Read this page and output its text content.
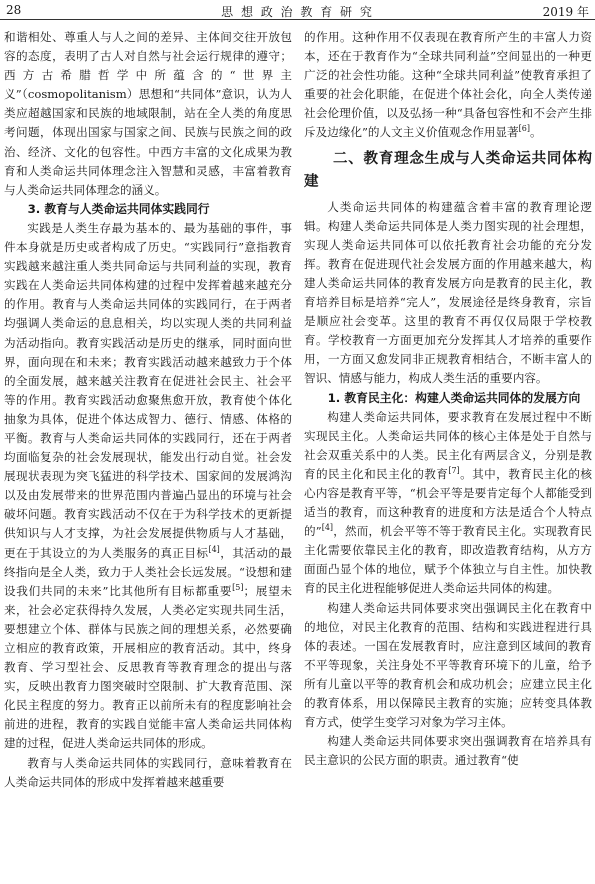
28	思 想 政 治 教 育 研 究	2019 年

和谐相处、尊重人与人之间的差异、主体间交往开放包容的态度，表明了古人对自然与社会运行规律的遵守；西方古希腊哲学中所蕴含的“世界主义”（cosmopolitanism）思想和“共同体”意识，认为人类应超越国家和民族的地域限制，站在全人类的角度思考问题，体现出国家与国家之间、民族与民族之间的政治、经济、文化的包容性。中西方丰富的文化成果为教育和人类命运共同体理念注入智慧和灵感，丰富着教育与人类命运共同体理念的涵义。

3. 教育与人类命运共同体实践同行

实践是人类生存最为基本的、最为基础的事件，事件本身就是历史或者构成了历史。“实践同行”意指教育实践越来越注重人类共同命运与共同利益的实现，教育实践在人类命运共同体构建的过程中发挥着越来越充分的作用。教育与人类命运共同体的实践同行，在于两者均强调人类命运的息息相关，均以实现人类的共同利益为活动指向。教育实践活动是历史的继承，同时面向世界，面向现在和未来；教育实践活动越来越致力于个体的全面发展，越来越关注教育在促进社会民主、社会平等的作用。教育实践活动愈聚焦愈开放，教育使个体化抽象为具体，促进个体达成智力、德行、情感、体格的平衡。教育与人类命运共同体的实践同行，还在于两者均面临复杂的社会发展现状，能发出行动自觉。社会发展现状表现为突飞猛进的科学技术、国家间的发展鸿沟以及由发展带来的世界范围内普遍凸显出的环境与社会破坏问题。教育实践活动不仅在于为科学技术的更新提供知识与人才支撑，为社会发展提供物质与人才基础，更在于其设立的为人类服务的真正目标[4]，其活动的最终指向是全人类，致力于人类社会长远发展。“设想和建设我们共同的未来”比其他所有目标都重要[5]；展望未来，社会必定获得持久发展，人类必定实现共同生活，要想建立个体、群体与民族之间的理想关系，必然要确立相应的教育政策，开展相应的教育活动。其中，终身教育、学习型社会、反思教育等教育理念的提出与落实，反映出教育力图突破时空限制、扩大教育范围、深化民主程度的努力。教育正以前所未有的程度影响社会前进的进程，教育的实践自觉能丰富人类命运共同体构建的过程，促进人类命运共同体的形成。

教育与人类命运共同体的实践同行，意味着教育在人类命运共同体的形成中发挥着越来越重要

的作用。这种作用不仅表现在教育所产生的丰富人力资本，还在于教育作为“全球共同利益”空间显出的一种更广泛的社会性功能。这种“全球共同利益”使教育承担了重要的社会化职能，在促进个体社会化，向全人类传递社会伦理价值，以及弘扬一种“具备包容性和不会产生排斥及边缘化”的人文主义价值观念作用显著[6]。

二、教育理念生成与人类命运共同体构建

人类命运共同体的构建蕴含着丰富的教育理论逻辑。构建人类命运共同体是人类力图实现的社会理想，实现人类命运共同体可以依托教育社会功能的充分发挥。教育在促进现代社会发展方面的作用越来越大，构建人类命运共同体的教育发展方向是教育的民主化，教育培养目标是培养“完人”，发展途径是终身教育，宗旨是顺应社会变革。这里的教育不再仅仅局限于学校教育。学校教育一方面更加充分发挥其人才培养的重要作用，一方面又愈发同非正规教育相结合，不断丰富人的智识、情感与能力，构成人类生活的重要内容。

1. 教育民主化：构建人类命运共同体的发展方向

构建人类命运共同体，要求教育在发展过程中不断实现民主化。人类命运共同体的核心主体是处于自然与社会双重关系中的人类。民主化有两层含义，分别是教育的民主化和民主化的教育[7]。其中，教育民主化的核心内容是教育平等，“机会平等是要肯定每个人都能受到适当的教育，而这种教育的进度和方法是适合个人特点的”[4]，然而，机会平等不等于教育民主化。实现教育民主化需要依靠民主化的教育，即改造教育结构，从方方面面凸显个体的地位，赋予个体独立与自主性。加快教育的民主化进程能够促进人类命运共同体的构建。

构建人类命运共同体要求突出强调民主化在教育中的地位，对民主化教育的范围、结构和实践进程进行具体的表述。一国在发展教育时，应注意到区域间的教育不平等现象，关注身处不平等教育环境下的儿童，给予所有儿童以平等的教育机会和成功机会；应建立民主化的教育体系，用以保障民主教育的实施；应转变具体教育方式，使学生变学习对象为学习主体。

构建人类命运共同体要求突出强调教育在培养具有民主意识的公民方面的职责。通过教育“使
